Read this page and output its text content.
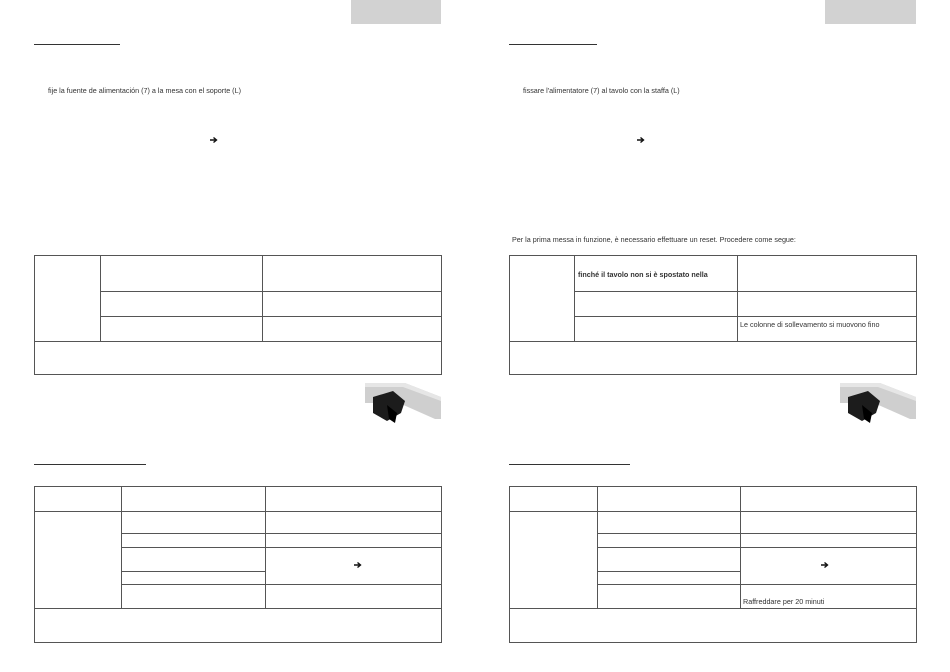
fije la fuente de alimentación (7) a la mesa con el soporte (L)	fissare l'alimentatore (7) al tavolo con la staffa (L)
Per la prima messa in funzione, è necessario effettuare un reset. Procedere come segue:
finché il tavolo non si è spostato nella
Le colonne di sollevamento si muovono fino
Raffreddare per 20 minuti
